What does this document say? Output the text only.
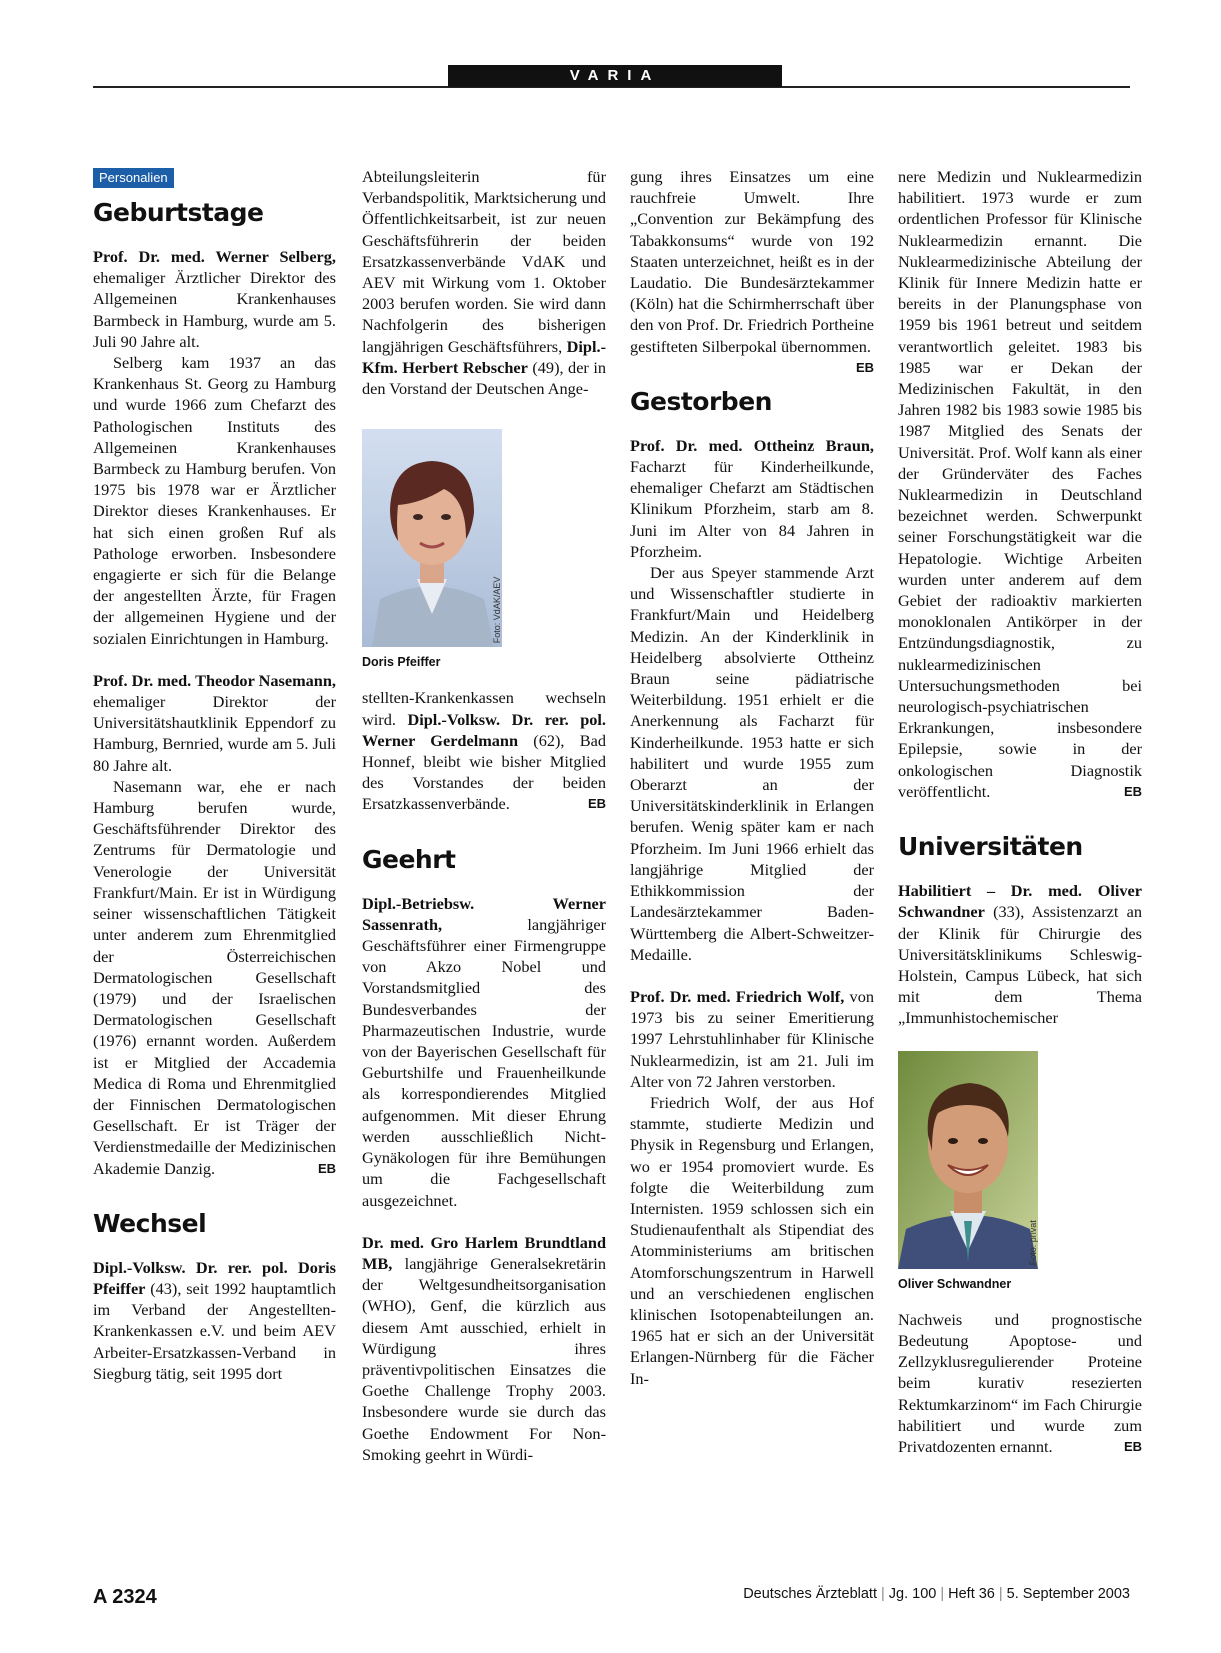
VARIA
Personalien
Geburtstage

Prof. Dr. med. Werner Selberg, ehemaliger Ärztlicher Direktor des Allgemeinen Krankenhauses Barmbeck in Hamburg, wurde am 5. Juli 90 Jahre alt.

Selberg kam 1937 an das Krankenhaus St. Georg zu Hamburg und wurde 1966 zum Chefarzt des Pathologischen Instituts des Allgemeinen Krankenhauses Barmbeck zu Hamburg berufen. Von 1975 bis 1978 war er Ärztlicher Direktor dieses Krankenhauses. Er hat sich einen großen Ruf als Pathologe erworben. Insbesondere engagierte er sich für die Belange der angestellten Ärzte, für Fragen der allgemeinen Hygiene und der sozialen Einrichtungen in Hamburg.

Prof. Dr. med. Theodor Nasemann, ehemaliger Direktor der Universitätshautklinik Eppendorf zu Hamburg, Bernried, wurde am 5. Juli 80 Jahre alt.

Nasemann war, ehe er nach Hamburg berufen wurde, Geschäftsführender Direktor des Zentrums für Dermatologie und Venerologie der Universität Frankfurt/Main. Er ist in Würdigung seiner wissenschaftlichen Tätigkeit unter anderem zum Ehrenmitglied der Österreichischen Dermatologischen Gesellschaft (1979) und der Israelischen Dermatologischen Gesellschaft (1976) ernannt worden. Außerdem ist er Mitglied der Accademia Medica di Roma und Ehrenmitglied der Finnischen Dermatologischen Gesellschaft. Er ist Träger der Verdienstmedaille der Medizinischen Akademie Danzig.	EB

Wechsel

Dipl.-Volksw. Dr. rer. pol. Doris Pfeiffer (43), seit 1992 hauptamtlich im Verband der Angestellten-Krankenkassen e.V. und beim AEV Arbeiter-Ersatzkassen-Verband in Siegburg tätig, seit 1995 dort

Abteilungsleiterin für Verbandspolitik, Marktsicherung und Öffentlichkeitsarbeit, ist zur neuen Geschäftsführerin der beiden Ersatzkassenverbände VdAK und AEV mit Wirkung vom 1. Oktober 2003 berufen worden. Sie wird dann Nachfolgerin des bisherigen langjährigen Geschäftsführers, Dipl.-Kfm. Herbert Rebscher (49), der in den Vorstand der Deutschen Ange-

Foto: VdAK/AEV
Doris Pfeiffer

stellten-Krankenkassen wechseln wird. Dipl.-Volksw. Dr. rer. pol. Werner Gerdelmann (62), Bad Honnef, bleibt wie bisher Mitglied des Vorstandes der beiden Ersatzkassenverbände.	EB

Geehrt

Dipl.-Betriebsw. Werner Sassenrath, langjähriger Geschäftsführer einer Firmengruppe von Akzo Nobel und Vorstandsmitglied des Bundesverbandes der Pharmazeutischen Industrie, wurde von der Bayerischen Gesellschaft für Geburtshilfe und Frauenheilkunde als korrespondierendes Mitglied aufgenommen. Mit dieser Ehrung werden ausschließlich Nicht-Gynäkologen für ihre Bemühungen um die Fachgesellschaft ausgezeichnet.

Dr. med. Gro Harlem Brundtland MB, langjährige Generalsekretärin der Weltgesundheitsorganisation (WHO), Genf, die kürzlich aus diesem Amt ausschied, erhielt in Würdigung ihres präventivpolitischen Einsatzes die Goethe Challenge Trophy 2003. Insbesondere wurde sie durch das Goethe Endowment For Non-Smoking geehrt in Würdi-

gung ihres Einsatzes um eine rauchfreie Umwelt. Ihre „Convention zur Bekämpfung des Tabakkonsums“ wurde von 192 Staaten unterzeichnet, heißt es in der Laudatio. Die Bundesärztekammer (Köln) hat die Schirmherrschaft über den von Prof. Dr. Friedrich Portheine gestifteten Silberpokal übernommen.
EB

Gestorben

Prof. Dr. med. Ottheinz Braun, Facharzt für Kinderheilkunde, ehemaliger Chefarzt am Städtischen Klinikum Pforzheim, starb am 8. Juni im Alter von 84 Jahren in Pforzheim.

Der aus Speyer stammende Arzt und Wissenschaftler studierte in Frankfurt/Main und Heidelberg Medizin. An der Kinderklinik in Heidelberg absolvierte Ottheinz Braun seine pädiatrische Weiterbildung. 1951 erhielt er die Anerkennung als Facharzt für Kinderheilkunde. 1953 hatte er sich habilitert und wurde 1955 zum Oberarzt an der Universitätskinderklinik in Erlangen berufen. Wenig später kam er nach Pforzheim. Im Juni 1966 erhielt das langjährige Mitglied der Ethikkommission der Landesärztekammer Baden-Württemberg die Albert-Schweitzer-Medaille.

Prof. Dr. med. Friedrich Wolf, von 1973 bis zu seiner Emeritierung 1997 Lehrstuhlinhaber für Klinische Nuklearmedizin, ist am 21. Juli im Alter von 72 Jahren verstorben.

Friedrich Wolf, der aus Hof stammte, studierte Medizin und Physik in Regensburg und Erlangen, wo er 1954 promoviert wurde. Es folgte die Weiterbildung zum Internisten. 1959 schlossen sich ein Studienaufenthalt als Stipendiat des Atomministeriums am britischen Atomforschungszentrum in Harwell und an verschiedenen englischen klinischen Isotopenabteilungen an. 1965 hat er sich an der Universität Erlangen-Nürnberg für die Fächer In-

nere Medizin und Nuklearmedizin habilitiert. 1973 wurde er zum ordentlichen Professor für Klinische Nuklearmedizin ernannt. Die Nuklearmedizinische Abteilung der Klinik für Innere Medizin hatte er bereits in der Planungsphase von 1959 bis 1961 betreut und seitdem verantwortlich geleitet. 1983 bis 1985 war er Dekan der Medizinischen Fakultät, in den Jahren 1982 bis 1983 sowie 1985 bis 1987 Mitglied des Senats der Universität. Prof. Wolf kann als einer der Gründerväter des Faches Nuklearmedizin in Deutschland bezeichnet werden. Schwerpunkt seiner Forschungstätigkeit war die Hepatologie. Wichtige Arbeiten wurden unter anderem auf dem Gebiet der radioaktiv markierten monoklonalen Antikörper in der Entzündungsdiagnostik, zu nuklearmedizinischen Untersuchungsmethoden bei neurologisch-psychiatrischen Erkrankungen, insbesondere Epilepsie, sowie in der onkologischen Diagnostik veröffentlicht.	EB

Universitäten

Habilitiert – Dr. med. Oliver Schwandner (33), Assistenzarzt an der Klinik für Chirurgie des Universitätsklinikums Schleswig-Holstein, Campus Lübeck, hat sich mit dem Thema „Immunhistochemischer

Foto: privat
Oliver Schwandner

Nachweis und prognostische Bedeutung Apoptose- und Zellzyklusregulierender Proteine beim kurativ resezierten Rektumkarzinom“ im Fach Chirurgie habilitiert und wurde zum Privatdozenten ernannt.	EB

A 2324	Deutsches Ärzteblatt | Jg. 100 | Heft 36 | 5. September 2003
